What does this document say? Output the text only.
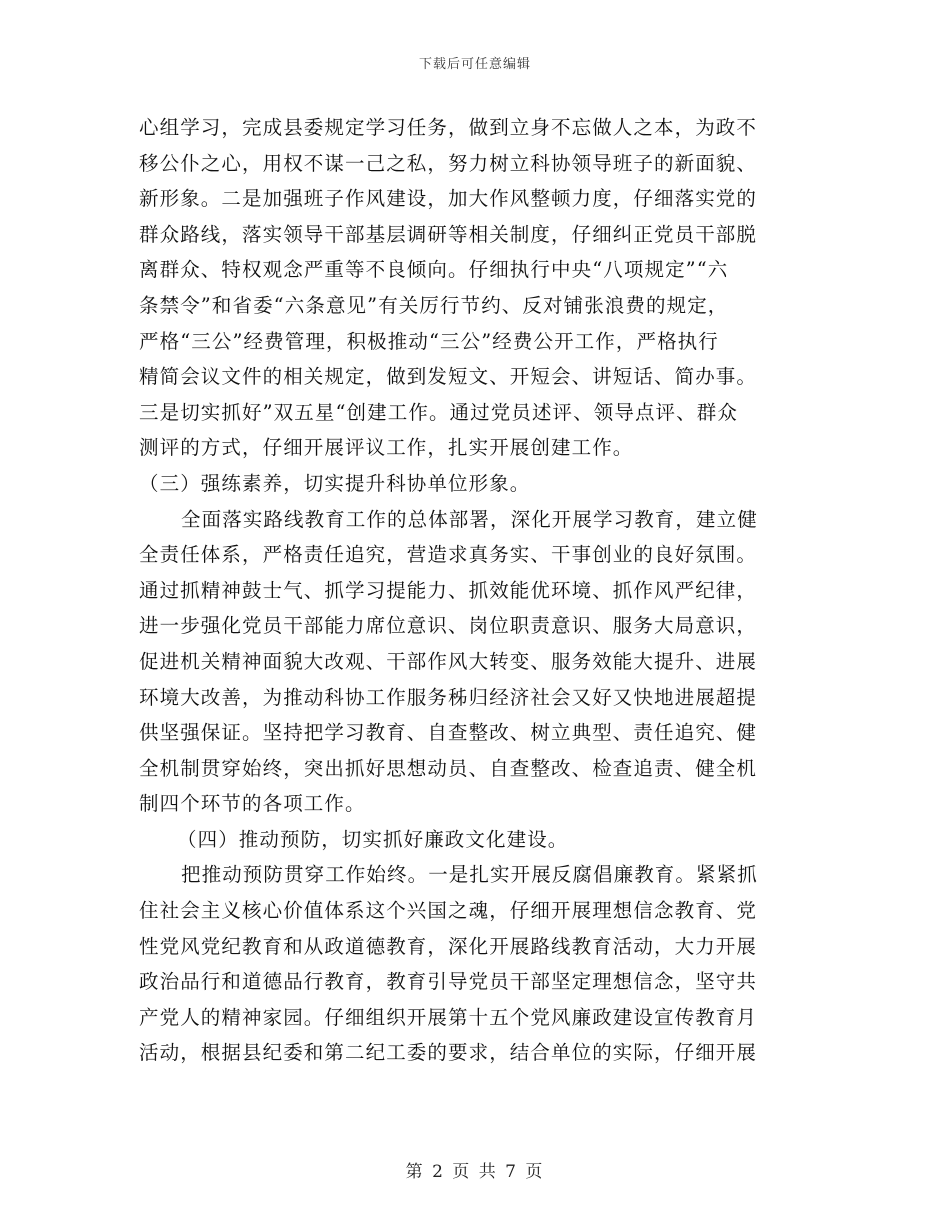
下载后可任意编辑
心组学习，完成县委规定学习任务，做到立身不忘做人之本，为政不
移公仆之心，用权不谋一己之私，努力树立科协领导班子的新面貌、
新形象。二是加强班子作风建设，加大作风整顿力度，仔细落实党的
群众路线，落实领导干部基层调研等相关制度，仔细纠正党员干部脱
离群众、特权观念严重等不良倾向。仔细执行中央“八项规定”“六
条禁令”和省委“六条意见”有关厉行节约、反对铺张浪费的规定，
严格“三公”经费管理，积极推动“三公”经费公开工作，严格执行
精简会议文件的相关规定，做到发短文、开短会、讲短话、简办事。
三是切实抓好”双五星“创建工作。通过党员述评、领导点评、群众
测评的方式，仔细开展评议工作，扎实开展创建工作。
（三）强练素养，切实提升科协单位形象。
全面落实路线教育工作的总体部署，深化开展学习教育，建立健
全责任体系，严格责任追究，营造求真务实、干事创业的良好氛围。
通过抓精神鼓士气、抓学习提能力、抓效能优环境、抓作风严纪律，
进一步强化党员干部能力席位意识、岗位职责意识、服务大局意识，
促进机关精神面貌大改观、干部作风大转变、服务效能大提升、进展
环境大改善，为推动科协工作服务秭归经济社会又好又快地进展超提
供坚强保证。坚持把学习教育、自查整改、树立典型、责任追究、健
全机制贯穿始终，突出抓好思想动员、自查整改、检查追责、健全机
制四个环节的各项工作。
（四）推动预防，切实抓好廉政文化建设。
把推动预防贯穿工作始终。一是扎实开展反腐倡廉教育。紧紧抓
住社会主义核心价值体系这个兴国之魂，仔细开展理想信念教育、党
性党风党纪教育和从政道德教育，深化开展路线教育活动，大力开展
政治品行和道德品行教育，教育引导党员干部坚定理想信念，坚守共
产党人的精神家园。仔细组织开展第十五个党风廉政建设宣传教育月
活动，根据县纪委和第二纪工委的要求，结合单位的实际，仔细开展
第 2 页 共 7 页
